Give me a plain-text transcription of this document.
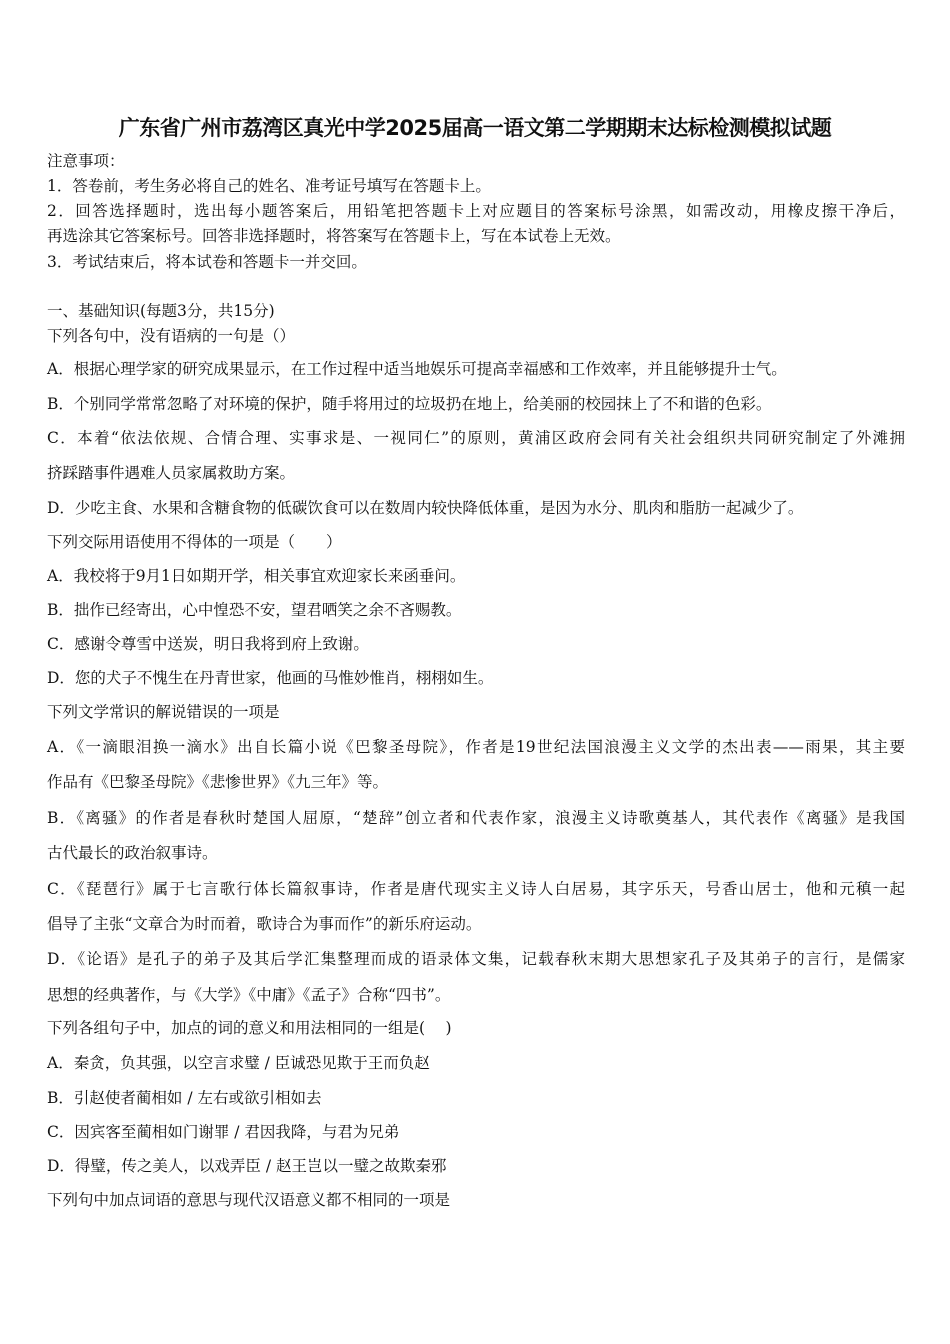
广东省广州市荔湾区真光中学2025届高一语文第二学期期末达标检测模拟试题
注意事项：
1．答卷前，考生务必将自己的姓名、准考证号填写在答题卡上。
2．回答选择题时，选出每小题答案后，用铅笔把答题卡上对应题目的答案标号涂黑，如需改动，用橡皮擦干净后，
再选涂其它答案标号。回答非选择题时，将答案写在答题卡上，写在本试卷上无效。
3．考试结束后，将本试卷和答题卡一并交回。
一、基础知识(每题3分，共15分)
下列各句中，没有语病的一句是（）
A．根据心理学家的研究成果显示，在工作过程中适当地娱乐可提高幸福感和工作效率，并且能够提升士气。
B．个别同学常常忽略了对环境的保护，随手将用过的垃圾扔在地上，给美丽的校园抹上了不和谐的色彩。
C．本着“依法依规、合情合理、实事求是、一视同仁”的原则，黄浦区政府会同有关社会组织共同研究制定了外滩拥
挤踩踏事件遇难人员家属救助方案。
D．少吃主食、水果和含糖食物的低碳饮食可以在数周内较快降低体重，是因为水分、肌肉和脂肪一起减少了。
下列交际用语使用不得体的一项是（　　）
A．我校将于9月1日如期开学，相关事宜欢迎家长来函垂问。
B．拙作已经寄出，心中惶恐不安，望君哂笑之余不吝赐教。
C．感谢令尊雪中送炭，明日我将到府上致谢。
D．您的犬子不愧生在丹青世家，他画的马惟妙惟肖，栩栩如生。
下列文学常识的解说错误的一项是
A．《一滴眼泪换一滴水》出自长篇小说《巴黎圣母院》，作者是19世纪法国浪漫主义文学的杰出表——雨果，其主要
作品有《巴黎圣母院》《悲惨世界》《九三年》等。
B．《离骚》的作者是春秋时楚国人屈原，“楚辞”创立者和代表作家，浪漫主义诗歌奠基人，其代表作《离骚》是我国
古代最长的政治叙事诗。
C．《琵琶行》属于七言歌行体长篇叙事诗，作者是唐代现实主义诗人白居易，其字乐天，号香山居士，他和元稹一起
倡导了主张“文章合为时而着，歌诗合为事而作”的新乐府运动。
D．《论语》是孔子的弟子及其后学汇集整理而成的语录体文集，记载春秋末期大思想家孔子及其弟子的言行，是儒家
思想的经典著作，与《大学》《中庸》《孟子》合称“四书”。
下列各组句子中，加点的词的意义和用法相同的一组是(　 )
A．秦贪，负其强，以空言求璧 / 臣诚恐见欺于王而负赵
B．引赵使者蔺相如 / 左右或欲引相如去
C．因宾客至蔺相如门谢罪 / 君因我降，与君为兄弟
D．得璧，传之美人，以戏弄臣 / 赵王岂以一璧之故欺秦邪
下列句中加点词语的意思与现代汉语意义都不相同的一项是
